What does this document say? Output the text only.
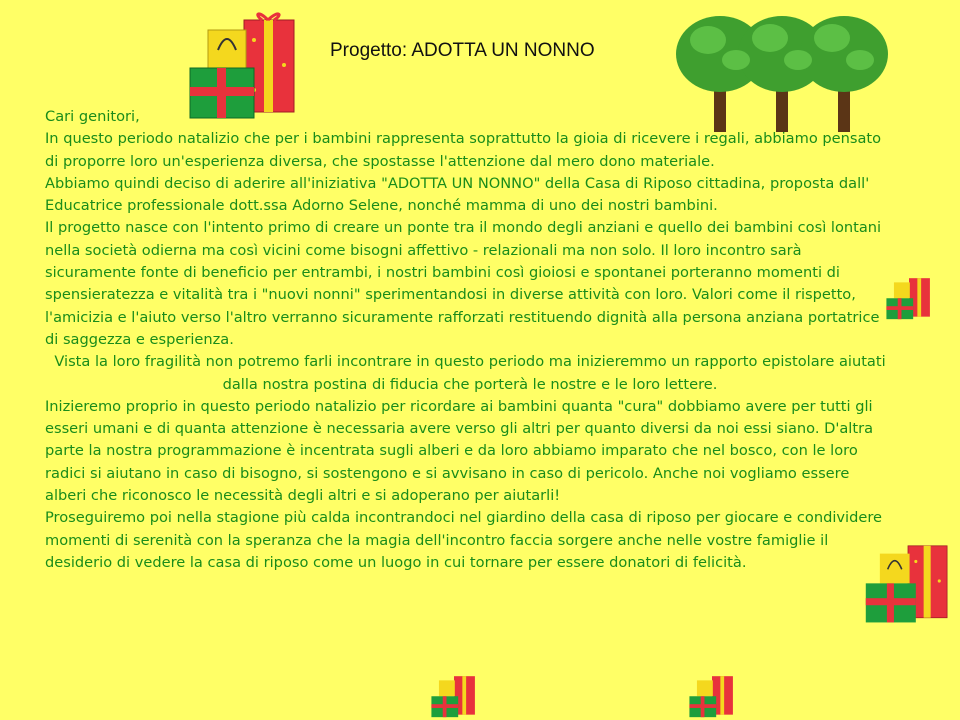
Progetto: ADOTTA UN NONNO

Cari genitori,

In questo periodo natalizio che per i bambini rappresenta soprattutto la gioia di ricevere i regali, abbiamo pensato di proporre loro un'esperienza diversa, che spostasse l'attenzione dal mero dono materiale.

Abbiamo quindi deciso di aderire all'iniziativa "ADOTTA UN NONNO" della Casa di Riposo cittadina, proposta dall' Educatrice professionale dott.ssa Adorno Selene, nonché mamma di uno dei nostri bambini.

Il progetto nasce con l'intento primo di creare un ponte tra il mondo degli anziani e quello dei bambini così lontani nella società odierna ma così vicini come bisogni affettivo - relazionali ma non solo. Il loro incontro sarà sicuramente fonte di beneficio per entrambi, i nostri bambini così gioiosi e spontanei porteranno momenti di spensieratezza e vitalità tra i "nuovi nonni" sperimentandosi in diverse attività con loro. Valori come il rispetto, l'amicizia e l'aiuto verso l'altro verranno sicuramente rafforzati restituendo dignità alla persona anziana portatrice di saggezza e esperienza.

Vista la loro fragilità non potremo farli incontrare in questo periodo ma inizieremmo un rapporto epistolare aiutati dalla nostra postina di fiducia che porterà le nostre e le loro lettere.

Inizieremo proprio in questo periodo natalizio per ricordare ai bambini quanta "cura" dobbiamo avere per tutti gli esseri umani e di quanta attenzione è necessaria avere verso gli altri per quanto diversi da noi essi siano. D'altra parte la nostra programmazione è incentrata sugli alberi e da loro abbiamo imparato che nel bosco, con le loro radici si aiutano in caso di bisogno, si sostengono e si avvisano in caso di pericolo. Anche noi vogliamo essere alberi che riconosco le necessità degli altri e si adoperano per aiutarli!

Proseguiremo poi nella stagione più calda incontrandoci nel giardino della casa di riposo per giocare e condividere momenti di serenità con la speranza che la magia dell'incontro faccia sorgere anche nelle vostre famiglie il desiderio di vedere la casa di riposo come un luogo in cui tornare per essere donatori di felicità.
